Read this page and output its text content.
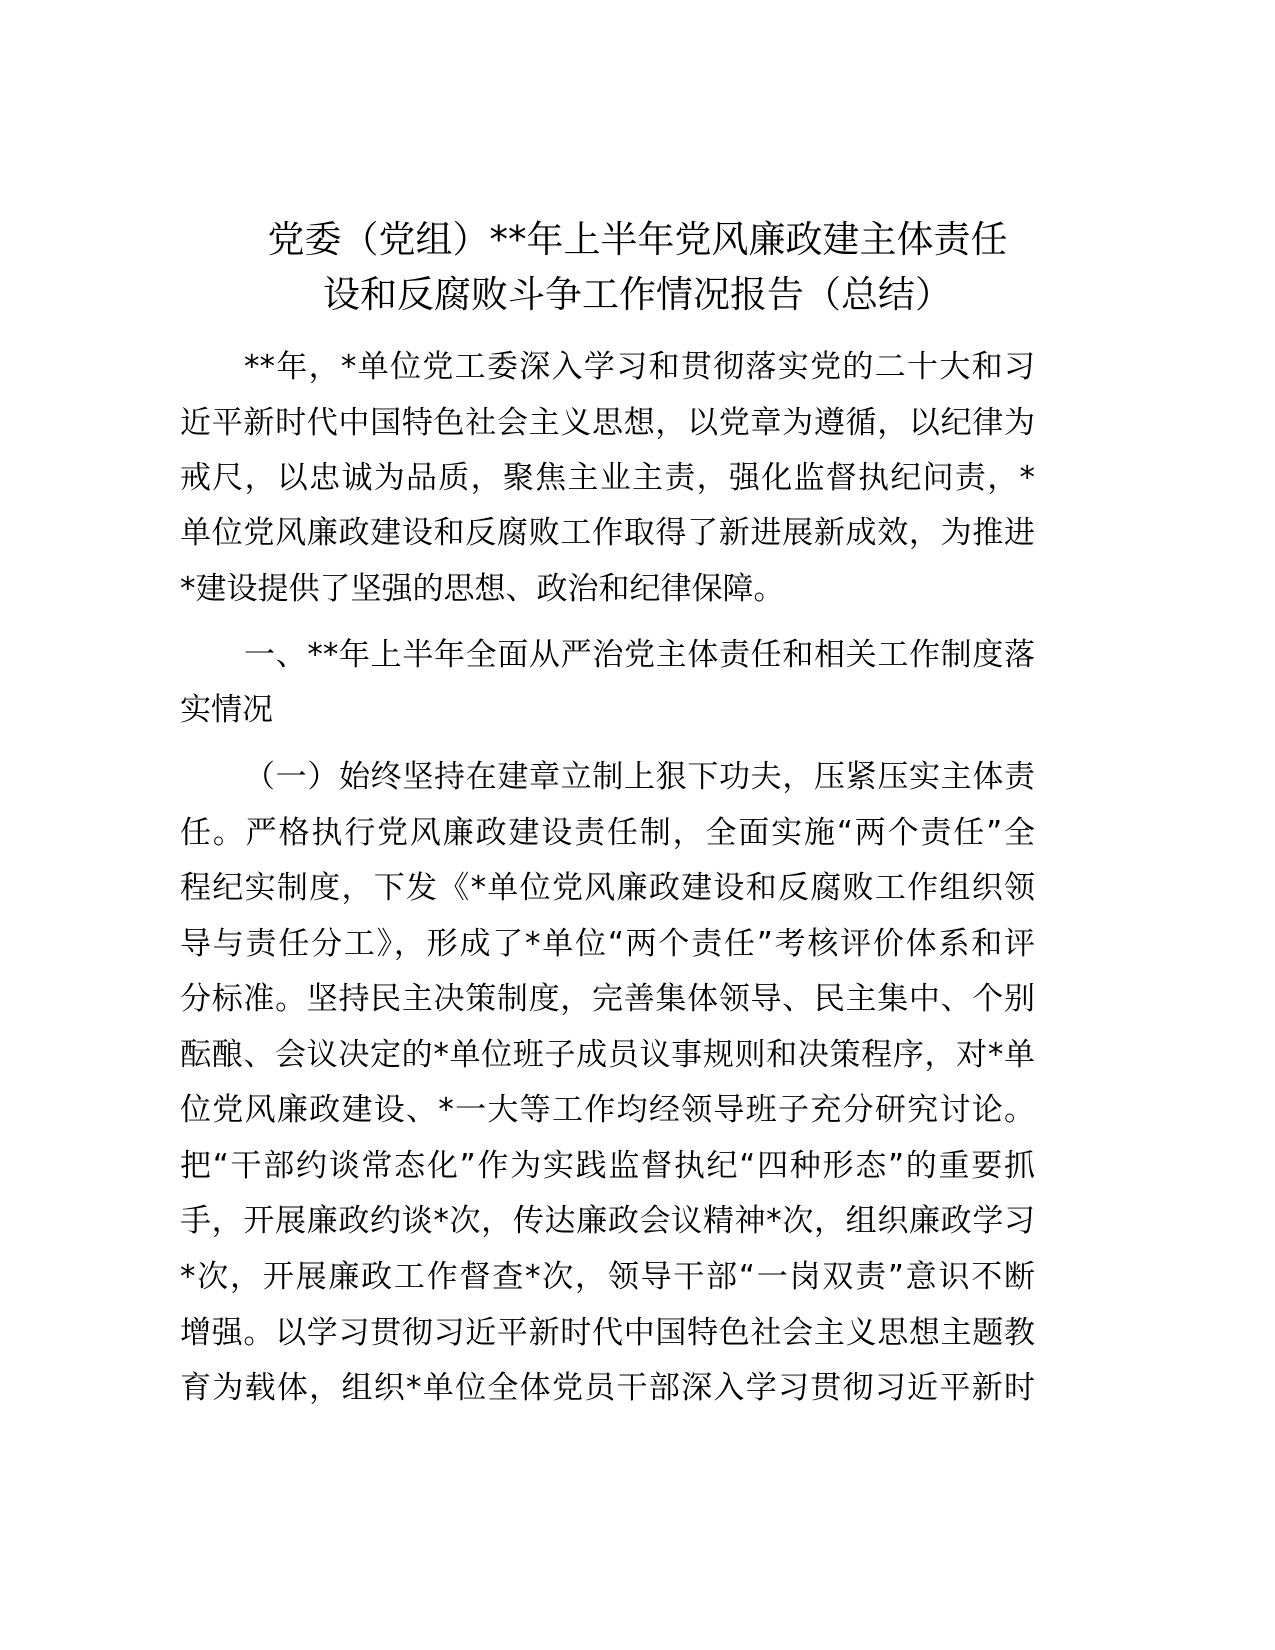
党委（党组）**年上半年党风廉政建主体责任
设和反腐败斗争工作情况报告（总结）
**年，*单位党工委深入学习和贯彻落实党的二十大和习
近平新时代中国特色社会主义思想，以党章为遵循，以纪律为
戒尺，以忠诚为品质，聚焦主业主责，强化监督执纪问责，*
单位党风廉政建设和反腐败工作取得了新进展新成效，为推进
*建设提供了坚强的思想、政治和纪律保障。
一、**年上半年全面从严治党主体责任和相关工作制度落
实情况
（一）始终坚持在建章立制上狠下功夫，压紧压实主体责
任。严格执行党风廉政建设责任制，全面实施“两个责任”全
程纪实制度，下发《*单位党风廉政建设和反腐败工作组织领
导与责任分工》，形成了*单位“两个责任”考核评价体系和评
分标准。坚持民主决策制度，完善集体领导、民主集中、个别
酝酿、会议决定的*单位班子成员议事规则和决策程序，对*单
位党风廉政建设、*一大等工作均经领导班子充分研究讨论。
把“干部约谈常态化”作为实践监督执纪“四种形态”的重要抓
手，开展廉政约谈*次，传达廉政会议精神*次，组织廉政学习
*次，开展廉政工作督查*次，领导干部“一岗双责”意识不断
增强。以学习贯彻习近平新时代中国特色社会主义思想主题教
育为载体，组织*单位全体党员干部深入学习贯彻习近平新时
